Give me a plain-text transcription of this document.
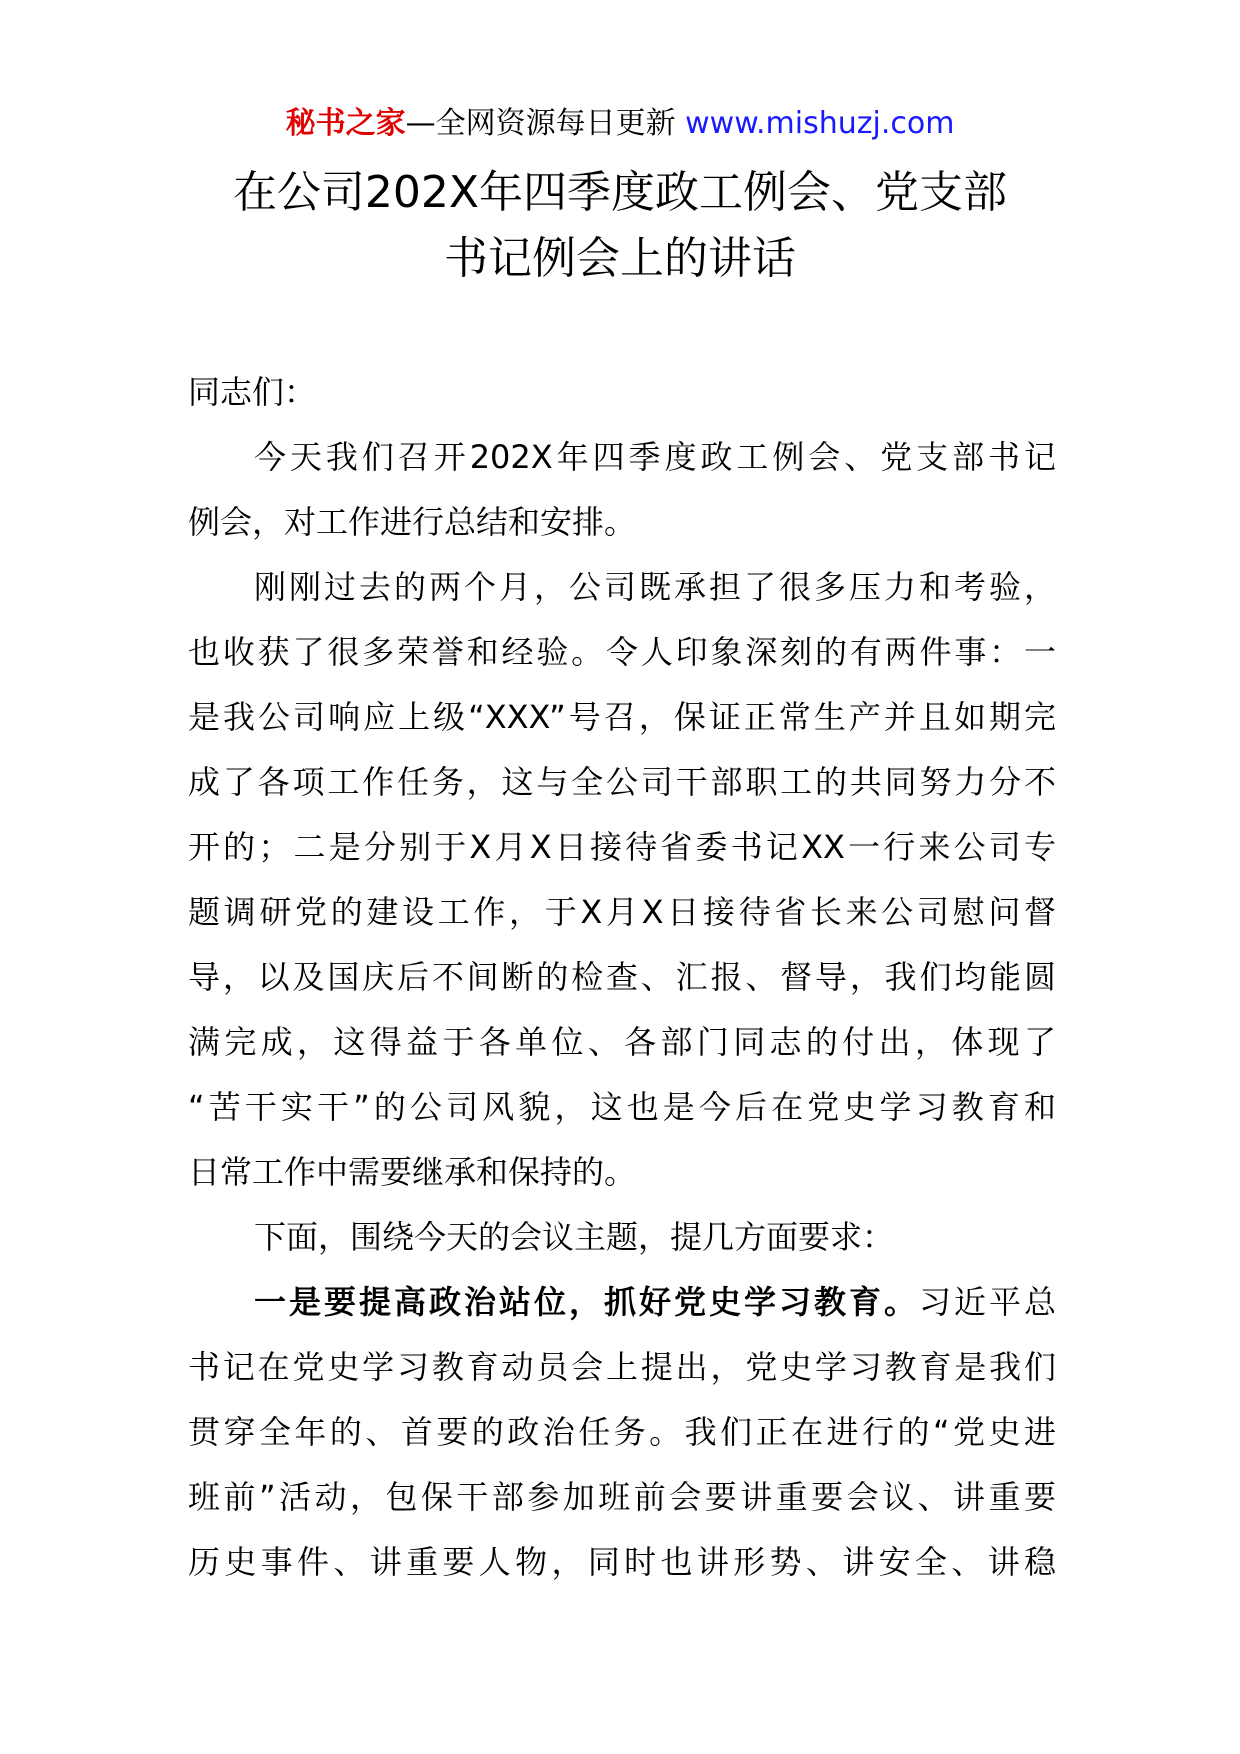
秘书之家—全网资源每日更新 www.mishuzj.com
在公司202X年四季度政工例会、党支部
书记例会上的讲话
同志们：
今天我们召开202X年四季度政工例会、党支部书记
例会，对工作进行总结和安排。
刚刚过去的两个月，公司既承担了很多压力和考验，
也收获了很多荣誉和经验。令人印象深刻的有两件事：一
是我公司响应上级“XXX”号召，保证正常生产并且如期完
成了各项工作任务，这与全公司干部职工的共同努力分不
开的；二是分别于X月X日接待省委书记XX一行来公司专
题调研党的建设工作，于X月X日接待省长来公司慰问督
导，以及国庆后不间断的检查、汇报、督导，我们均能圆
满完成，这得益于各单位、各部门同志的付出，体现了
“苦干实干”的公司风貌，这也是今后在党史学习教育和
日常工作中需要继承和保持的。
下面，围绕今天的会议主题，提几方面要求：
一是要提高政治站位，抓好党史学习教育。习近平总
书记在党史学习教育动员会上提出，党史学习教育是我们
贯穿全年的、首要的政治任务。我们正在进行的“党史进
班前”活动，包保干部参加班前会要讲重要会议、讲重要
历史事件、讲重要人物，同时也讲形势、讲安全、讲稳
